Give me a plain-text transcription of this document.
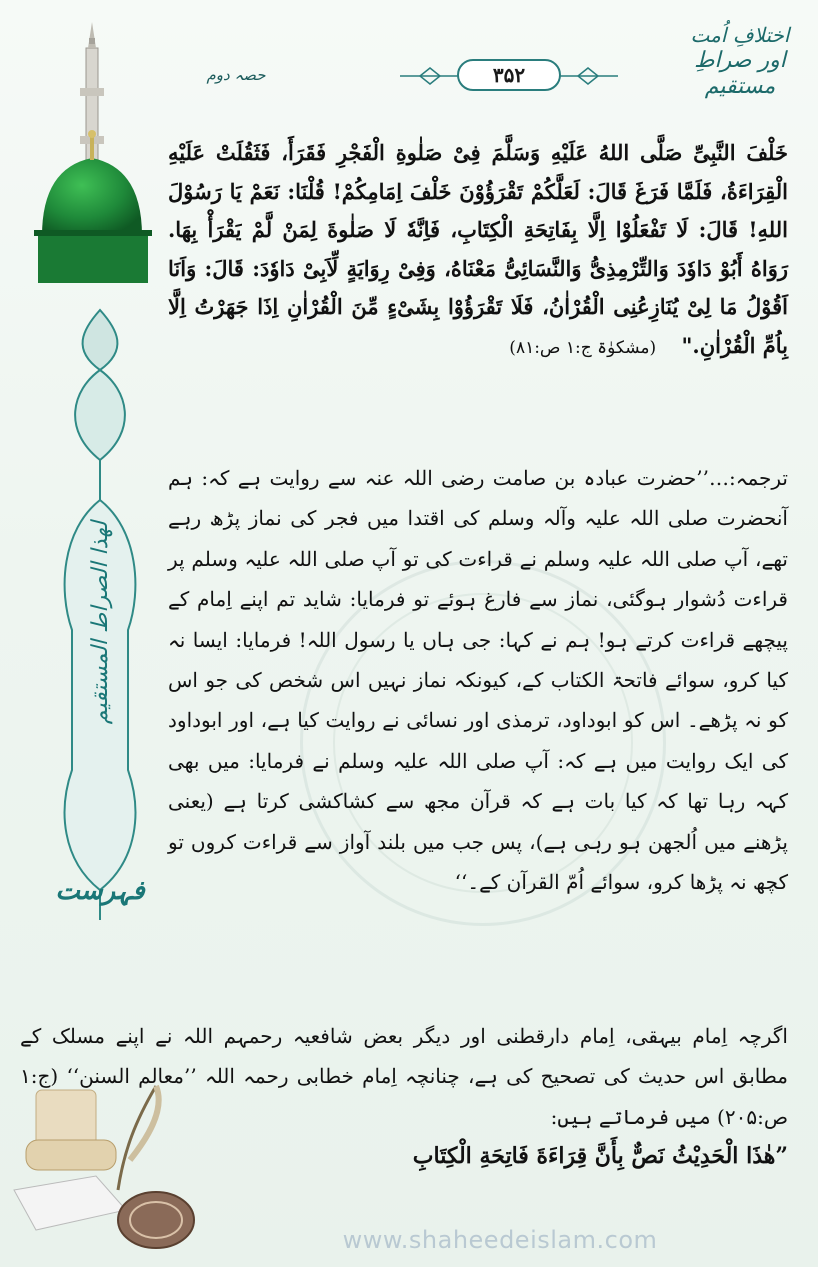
اختلافِ اُمت
اور صراطِ مستقیم
۳۵۲
حصہ دوم
لھذا الصراط المستقیم
فہرست
خَلْفَ النَّبِیِّ صَلَّى اللهُ عَلَيْهِ وَسَلَّمَ فِیْ صَلٰوةِ الْفَجْرِ فَقَرَأَ، فَثَقُلَتْ عَلَيْهِ الْقِرَاءَةُ، فَلَمَّا فَرَغَ قَالَ: لَعَلَّكُمْ تَقْرَؤُوْنَ خَلْفَ اِمَامِكُمْ! قُلْنَا: نَعَمْ يَا رَسُوْلَ اللهِ! قَالَ: لَا تَفْعَلُوْا اِلَّا بِفَاتِحَةِ الْكِتَابِ، فَاِنَّهٗ لَا صَلٰوةَ لِمَنْ لَّمْ يَقْرَأْ بِهَا. رَوَاهُ أَبُوْ دَاوٗدَ وَالتِّرْمِذِیُّ وَالنَّسَائِیُّ مَعْنَاهُ، وَفِیْ رِوَايَةٍ لِّاَبِیْ دَاوٗدَ: قَالَ: وَاَنَا اَقُوْلُ مَا لِیْ يُنَازِعُنِی الْقُرْاٰنُ، فَلَا تَقْرَؤُوْا بِشَیْءٍ مِّنَ الْقُرْاٰنِ اِذَا جَهَرْتُ اِلَّا بِاُمِّ الْقُرْاٰنِ." (مشکوٰۃ ج:۱ ص:۸۱)
ترجمہ:…’’حضرت عبادہ بن صامت رضی اللہ عنہ سے روایت ہے کہ: ہم آنحضرت صلی اللہ علیہ وآلہ وسلم کی اقتدا میں فجر کی نماز پڑھ رہے تھے، آپ صلی اللہ علیہ وسلم نے قراءت کی تو آپ صلی اللہ علیہ وسلم پر قراءت دُشوار ہوگئی، نماز سے فارغ ہوئے تو فرمایا: شاید تم اپنے اِمام کے پیچھے قراءت کرتے ہو! ہم نے کہا: جی ہاں یا رسول اللہ! فرمایا: ایسا نہ کیا کرو، سوائے فاتحۃ الکتاب کے، کیونکہ نماز نہیں اس شخص کی جو اس کو نہ پڑھے۔ اس کو ابوداود، ترمذی اور نسائی نے روایت کیا ہے، اور ابوداود کی ایک روایت میں ہے کہ: آپ صلی اللہ علیہ وسلم نے فرمایا: میں بھی کہہ رہا تھا کہ کیا بات ہے کہ قرآن مجھ سے کشاکشی کرتا ہے (یعنی پڑھنے میں اُلجھن ہو رہی ہے)، پس جب میں بلند آواز سے قراءت کروں تو کچھ نہ پڑھا کرو، سوائے اُمّ القرآن کے۔‘‘
اگرچہ اِمام بیہقی، اِمام دارقطنی اور دیگر بعض شافعیہ رحمہم اللہ نے اپنے مسلک کے مطابق اس حدیث کی تصحیح کی ہے، چنانچہ اِمام خطابی رحمہ اللہ ’’معالم السنن‘‘ (ج:۱ ص:۲۰۵) میں فرماتے ہیں:
”هٰذَا الْحَدِيْثُ نَصٌّ بِأَنَّ قِرَاءَةَ فَاتِحَةِ الْكِتَابِ
www.shaheedeislam.com
